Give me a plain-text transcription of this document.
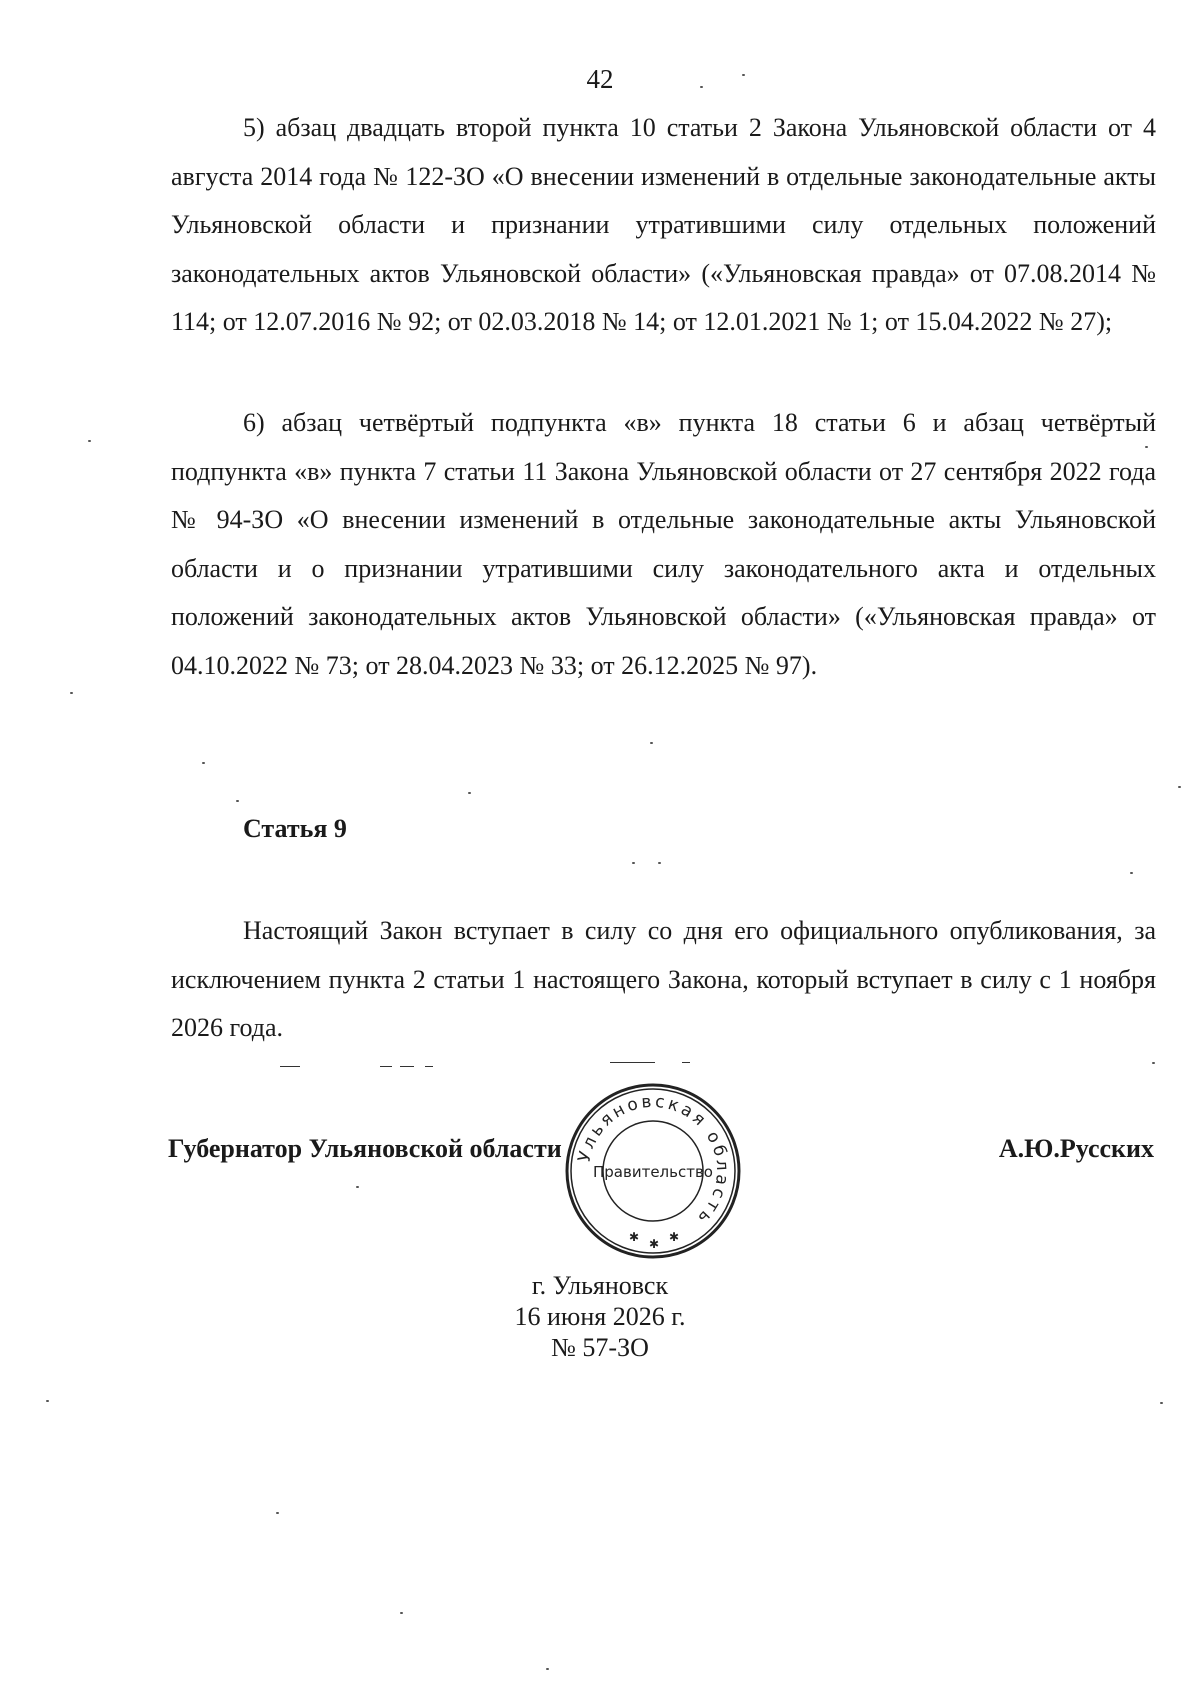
42

5) абзац двадцать второй пункта 10 статьи 2 Закона Ульяновской области от 4 августа 2014 года № 122-ЗО «О внесении изменений в отдельные законодательные акты Ульяновской области и признании утратившими силу отдельных положений законодательных актов Ульяновской области» («Ульяновская правда» от 07.08.2014 № 114; от 12.07.2016 № 92; от 02.03.2018 № 14; от 12.01.2021 № 1; от 15.04.2022 № 27);

6) абзац четвёртый подпункта «в» пункта 18 статьи 6 и абзац четвёртый подпункта «в» пункта 7 статьи 11 Закона Ульяновской области от 27 сентября 2022 года № 94-ЗО «О внесении изменений в отдельные законодательные акты Ульяновской области и о признании утратившими силу законодательного акта и отдельных положений законодательных актов Ульяновской области» («Ульяновская правда» от 04.10.2022 № 73; от 28.04.2023 № 33; от 26.12.2025 № 97).

Статья 9

Настоящий Закон вступает в силу со дня его официального опубликования, за исключением пункта 2 статьи 1 настоящего Закона, который вступает в силу с 1 ноября 2026 года.

Губернатор Ульяновской области Ульяновская область
Правительство
✱ ✱ ✱
А.Ю.Русских
г. Ульяновск
16 июня 2026 г.
№ 57-ЗО
